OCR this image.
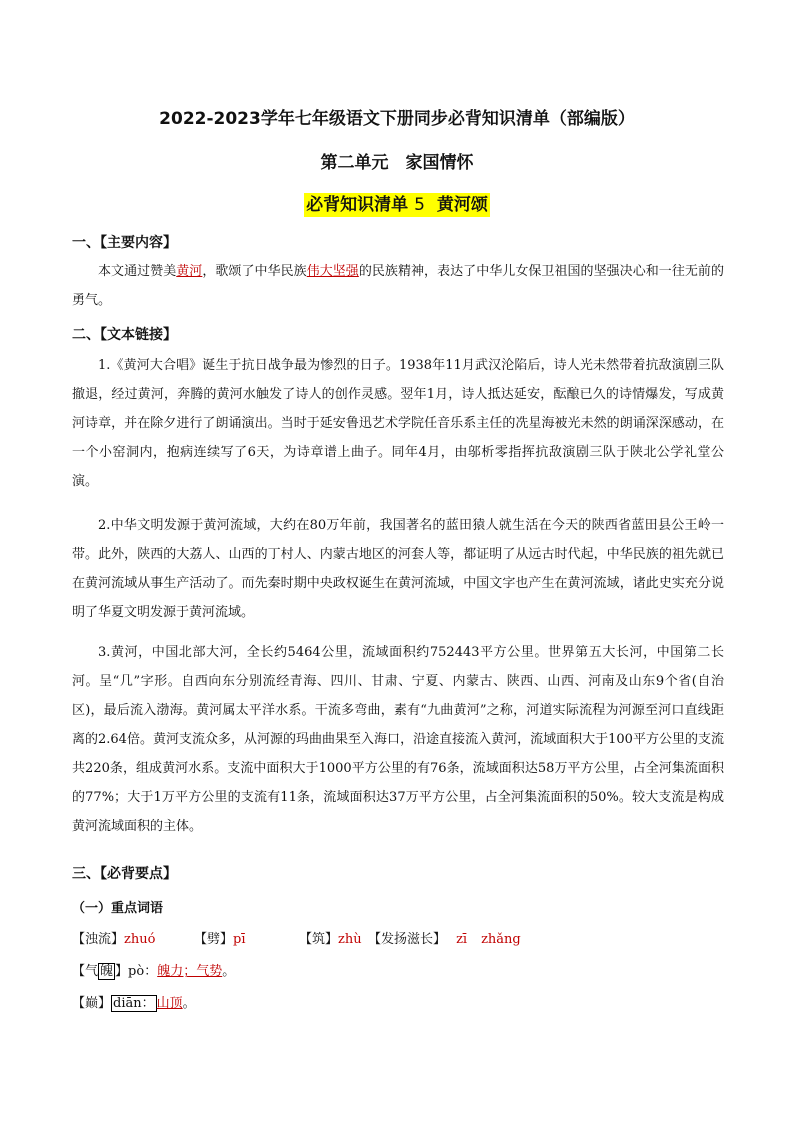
2022-2023学年七年级语文下册同步必背知识清单（部编版）
第二单元　家国情怀
必背知识清单 5 黄河颂
一、【主要内容】
本文通过赞美黄河，歌颂了中华民族伟大坚强的民族精神，表达了中华儿女保卫祖国的坚强决心和一往无前的勇气。
二、【文本链接】
1.《黄河大合唱》诞生于抗日战争最为惨烈的日子。1938年11月武汉沦陷后，诗人光未然带着抗敌演剧三队撤退，经过黄河，奔腾的黄河水触发了诗人的创作灵感。翌年1月，诗人抵达延安，酝酿已久的诗情爆发，写成黄河诗章，并在除夕进行了朗诵演出。当时于延安鲁迅艺术学院任音乐系主任的冼星海被光未然的朗诵深深感动，在一个小窑洞内，抱病连续写了6天，为诗章谱上曲子。同年4月，由邬析零指挥抗敌演剧三队于陕北公学礼堂公演。
2.中华文明发源于黄河流域，大约在80万年前，我国著名的蓝田猿人就生活在今天的陕西省蓝田县公王岭一带。此外，陕西的大荔人、山西的丁村人、内蒙古地区的河套人等，都证明了从远古时代起，中华民族的祖先就已在黄河流域从事生产活动了。而先秦时期中央政权诞生在黄河流域，中国文字也产生在黄河流域，诸此史实充分说明了华夏文明发源于黄河流域。
3.黄河，中国北部大河，全长约5464公里，流域面积约752443平方公里。世界第五大长河，中国第二长河。呈“几”字形。自西向东分别流经青海、四川、甘肃、宁夏、内蒙古、陕西、山西、河南及山东9个省(自治区)，最后流入渤海。黄河属太平洋水系。干流多弯曲，素有“九曲黄河”之称，河道实际流程为河源至河口直线距离的2.64倍。黄河支流众多，从河源的玛曲曲果至入海口，沿途直接流入黄河，流域面积大于100平方公里的支流共220条，组成黄河水系。支流中面积大于1000平方公里的有76条，流域面积达58万平方公里，占全河集流面积的77%；大于1万平方公里的支流有11条，流域面积达37万平方公里，占全河集流面积的50%。较大支流是构成黄河流域面积的主体。
三、【必背要点】
（一）重点词语
【浊流】zhuó	【劈】pī	【筑】zhù 【发扬滋长】 zī zhǎng
【气 魄 】pò：魄力；气势。
【巅】 diān： 山顶。
